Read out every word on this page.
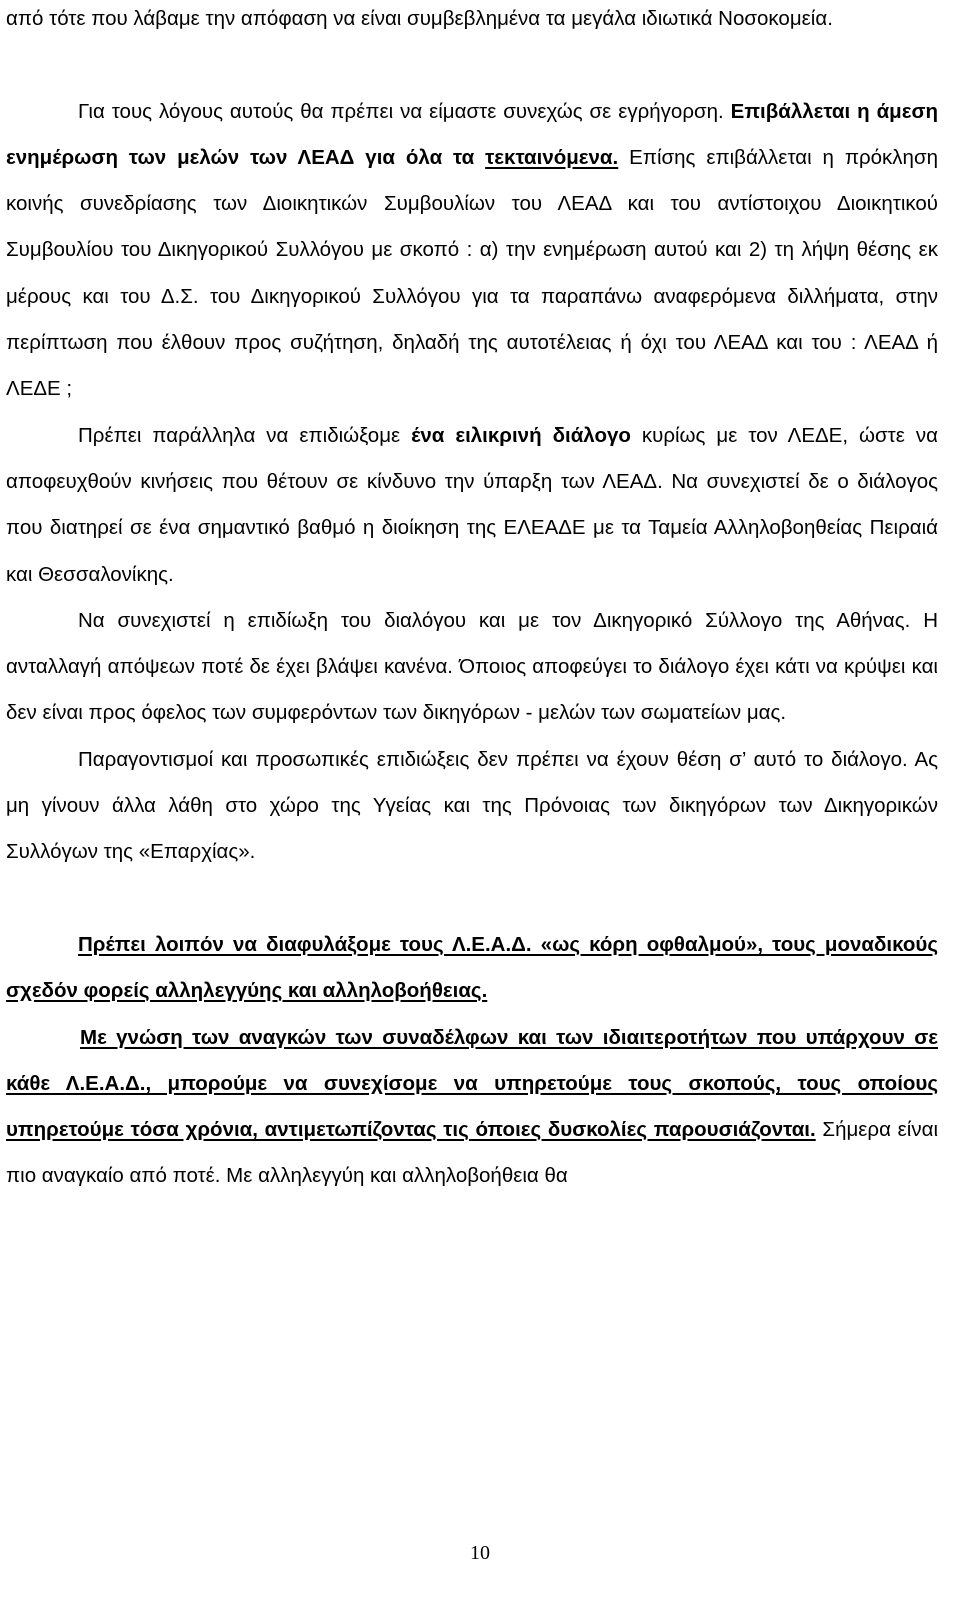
από τότε που λάβαμε την απόφαση να είναι συμβεβλημένα τα μεγάλα ιδιωτικά Νοσοκομεία.

Για τους λόγους αυτούς θα πρέπει να είμαστε συνεχώς σε εγρήγορση. Επιβάλλεται η άμεση ενημέρωση των μελών των ΛΕΑΔ για όλα τα τεκταινόμενα. Επίσης επιβάλλεται η πρόκληση κοινής συνεδρίασης των Διοικητικών Συμβουλίων του ΛΕΑΔ και του αντίστοιχου Διοικητικού Συμβουλίου του Δικηγορικού Συλλόγου με σκοπό : α) την ενημέρωση αυτού και 2) τη λήψη θέσης εκ μέρους και του Δ.Σ. του Δικηγορικού Συλλόγου για τα παραπάνω αναφερόμενα διλλήματα, στην περίπτωση που έλθουν προς συζήτηση, δηλαδή της αυτοτέλειας ή όχι του ΛΕΑΔ και του : ΛΕΑΔ ή ΛΕΔΕ ;

Πρέπει παράλληλα να επιδιώξομε ένα ειλικρινή διάλογο κυρίως με τον ΛΕΔΕ, ώστε να αποφευχθούν κινήσεις που θέτουν σε κίνδυνο την ύπαρξη των ΛΕΑΔ. Να συνεχιστεί δε ο διάλογος που διατηρεί σε ένα σημαντικό βαθμό η διοίκηση της ΕΛΕΑΔΕ με τα Ταμεία Αλληλοβοηθείας Πειραιά και Θεσσαλονίκης.

Να συνεχιστεί η επιδίωξη του διαλόγου και με τον Δικηγορικό Σύλλογο της Αθήνας. Η ανταλλαγή απόψεων ποτέ δε έχει βλάψει κανένα. Όποιος αποφεύγει το διάλογο έχει κάτι να κρύψει και δεν είναι προς όφελος των συμφερόντων των δικηγόρων - μελών των σωματείων μας.

Παραγοντισμοί και προσωπικές επιδιώξεις δεν πρέπει να έχουν θέση σ’ αυτό το διάλογο. Ας μη γίνουν άλλα λάθη στο χώρο της Υγείας και της Πρόνοιας των δικηγόρων των Δικηγορικών Συλλόγων της «Επαρχίας».

Πρέπει λοιπόν να διαφυλάξομε τους Λ.Ε.Α.Δ. «ως κόρη οφθαλμού», τους μοναδικούς σχεδόν φορείς αλληλεγγύης και αλληλοβοήθειας.

Με γνώση των αναγκών των συναδέλφων και των ιδιαιτεροτήτων που υπάρχουν σε κάθε Λ.Ε.Α.Δ., μπορούμε να συνεχίσομε να υπηρετούμε τους σκοπούς, τους οποίους υπηρετούμε τόσα χρόνια, αντιμετωπίζοντας τις όποιες δυσκολίες παρουσιάζονται. Σήμερα είναι πιο αναγκαίο από ποτέ. Με αλληλεγγύη και αλληλοβοήθεια θα

10
